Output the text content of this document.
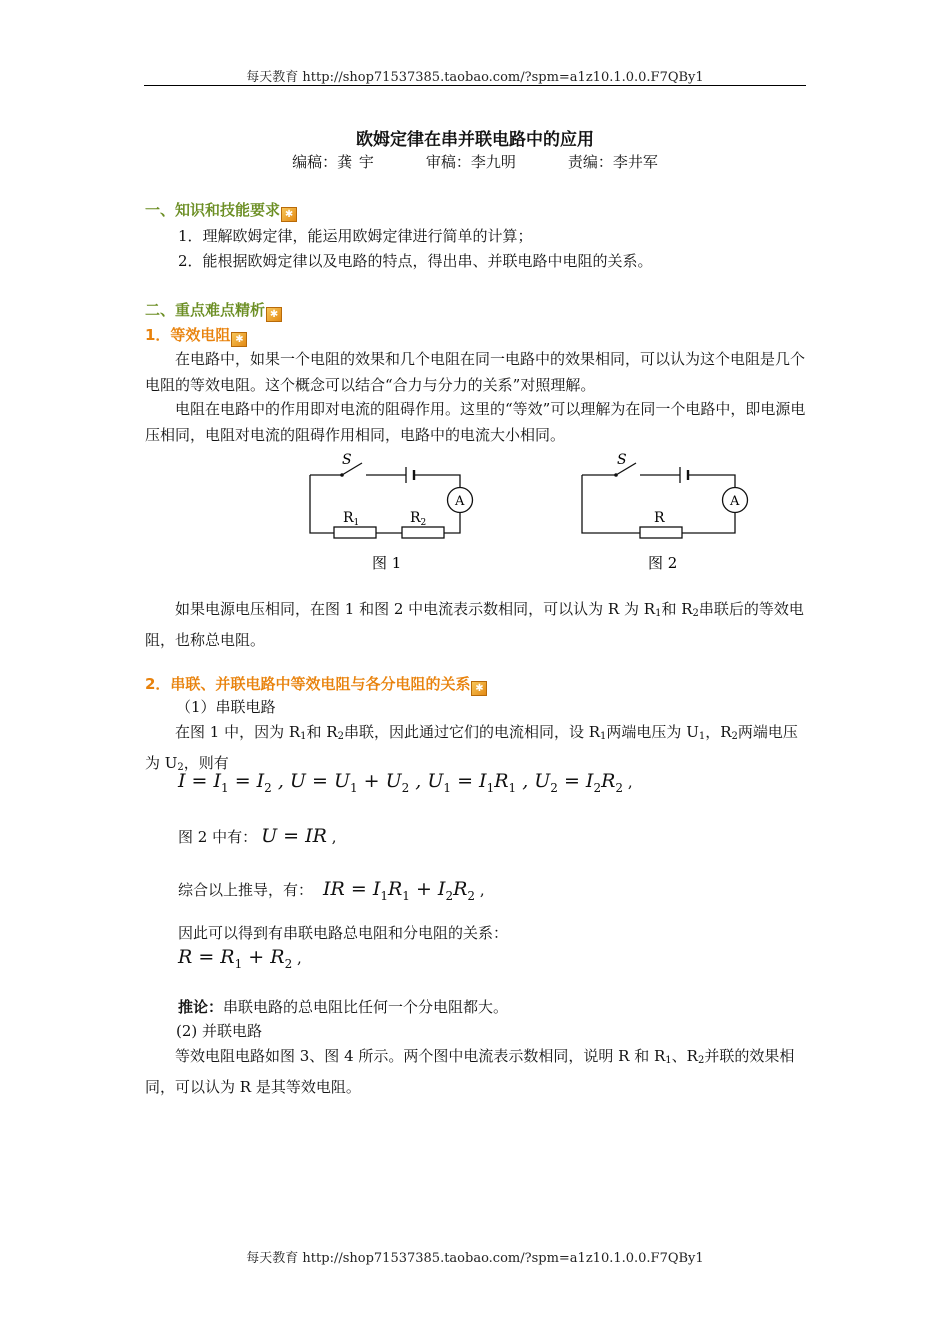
每天教育 http://shop71537385.taobao.com/?spm=a1z10.1.0.0.F7QBy1
欧姆定律在串并联电路中的应用
编稿：龚 宇	审稿：李九明	责编：李井军
一、知识和技能要求 ✱
1．理解欧姆定律，能运用欧姆定律进行简单的计算；
2．能根据欧姆定律以及电路的特点，得出串、并联电路中电阻的关系。
二、重点难点精析 ✱
1．等效电阻 ✱
在电路中，如果一个电阻的效果和几个电阻在同一电路中的效果相同，可以认为这个电阻是几个电阻的等效电阻。这个概念可以结合“合力与分力的关系”对照理解。
电阻在电路中的作用即对电流的阻碍作用。这里的“等效”可以理解为在同一个电路中，即电源电压相同，电阻对电流的阻碍作用相同，电路中的电流大小相同。
S
A
$R_1$	$R_2$
图 1
S
A
R
图 2
如果电源电压相同，在图 1 和图 2 中电流表示数相同，可以认为 R 为 R1和 R2串联后的等效电阻，也称总电阻。
2．串联、并联电路中等效电阻与各分电阻的关系 ✱
（1）串联电路
在图 1 中，因为 R1和 R2串联，因此通过它们的电流相同，设 R1两端电压为 U1，R2两端电压为 U2，则有
$I = I_1 = I_2$ , $U = U_1 + U_2$ , $U_1 = I_1R_1$ , $U_2 = I_2R_2$ ,
图 2 中有： U = IR ,
综合以上推导，有： IR = $I_1R_1 + I_2R_2$ ,
因此可以得到有串联电路总电阻和分电阻的关系：
$R = R_1 + R_2$ ,
推论：串联电路的总电阻比任何一个分电阻都大。
(2) 并联电路
等效电阻电路如图 3、图 4 所示。两个图中电流表示数相同，说明 R 和 R1、R2并联的效果相同，可以认为 R 是其等效电阻。
每天教育 http://shop71537385.taobao.com/?spm=a1z10.1.0.0.F7QBy1
